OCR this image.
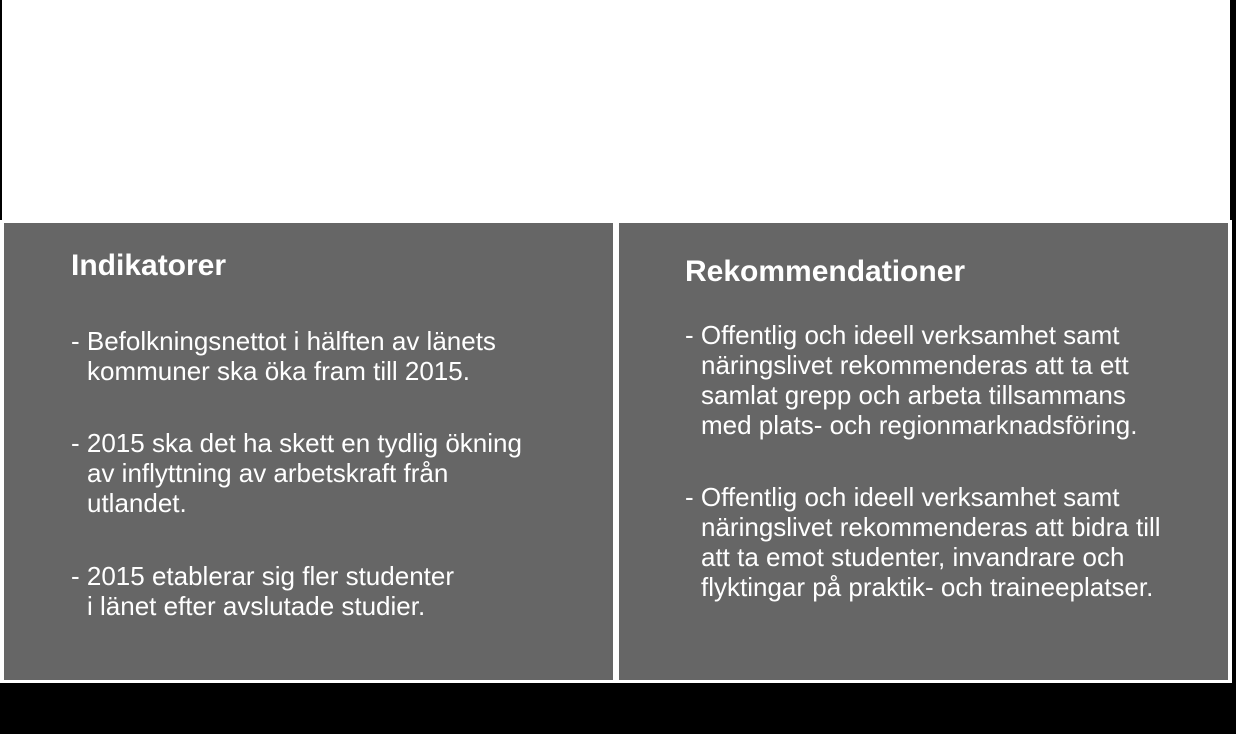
Indikatorer

- Befolkningsnettot i hälften av länets
kommuner ska öka fram till 2015.

- 2015 ska det ha skett en tydlig ökning
av inflyttning av arbetskraft från
utlandet.

- 2015 etablerar sig fler studenter
i länet efter avslutade studier.

Rekommendationer

- Offentlig och ideell verksamhet samt
näringslivet rekommenderas att ta ett
samlat grepp och arbeta tillsammans
med plats- och regionmarknadsföring.

- Offentlig och ideell verksamhet samt
näringslivet rekommenderas att bidra till
att ta emot studenter, invandrare och
flyktingar på praktik- och traineeplatser.
